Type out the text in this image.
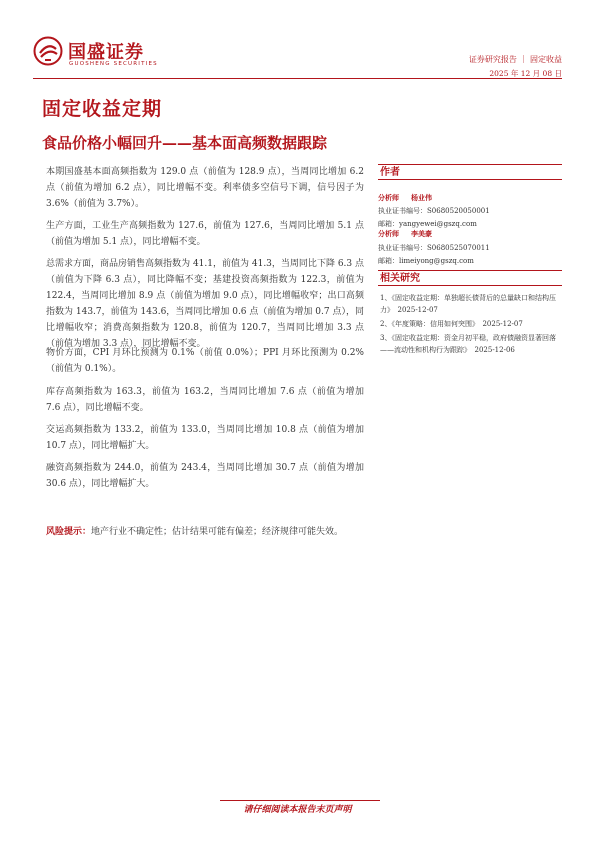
国盛证券
GUOSHENG SECURITIES	证券研究报告 ｜ 固定收益
2025 年 12 月 08 日
固定收益定期
食品价格小幅回升——基本面高频数据跟踪
本期国盛基本面高频指数为 129.0 点（前值为 128.9 点），当周同比增加 6.2 点（前值为增加 6.2 点），同比增幅不变。利率债多空信号下调，信号因子为 3.6%（前值为 3.7%）。
生产方面，工业生产高频指数为 127.6，前值为 127.6，当周同比增加 5.1 点（前值为增加 5.1 点），同比增幅不变。
总需求方面，商品房销售高频指数为 41.1，前值为 41.3，当周同比下降 6.3 点（前值为下降 6.3 点），同比降幅不变；基建投资高频指数为 122.3，前值为 122.4，当周同比增加 8.9 点（前值为增加 9.0 点），同比增幅收窄；出口高频指数为 143.7，前值为 143.6，当周同比增加 0.6 点（前值为增加 0.7 点），同比增幅收窄；消费高频指数为 120.8，前值为 120.7，当周同比增加 3.3 点（前值为增加 3.3 点），同比增幅不变。
物价方面，CPI 月环比预测为 0.1%（前值 0.0%）；PPI 月环比预测为 0.2%（前值为 0.1%）。
库存高频指数为 163.3，前值为 163.2，当周同比增加 7.6 点（前值为增加 7.6 点），同比增幅不变。
交运高频指数为 133.2，前值为 133.0，当周同比增加 10.8 点（前值为增加 10.7 点），同比增幅扩大。
融资高频指数为 244.0，前值为 243.4，当周同比增加 30.7 点（前值为增加 30.6 点），同比增幅扩大。
风险提示：地产行业不确定性；估计结果可能有偏差；经济规律可能失效。
作者
分析师 杨业伟
执业证书编号：S0680520050001
邮箱：yangyewei@gszq.com
分析师 李美豪
执业证书编号：S0680525070011
邮箱：limeiyong@gszq.com
相关研究
1、《固定收益定期：单独超长债背后的总量缺口和结构压力》　2025-12-07
2、《年度策略：信用如何突围》　2025-12-07
3、《固定收益定期：资金月初平稳，政府债融资显著回落——流动性和机构行为跟踪》　2025-12-06
请仔细阅读本报告末页声明
